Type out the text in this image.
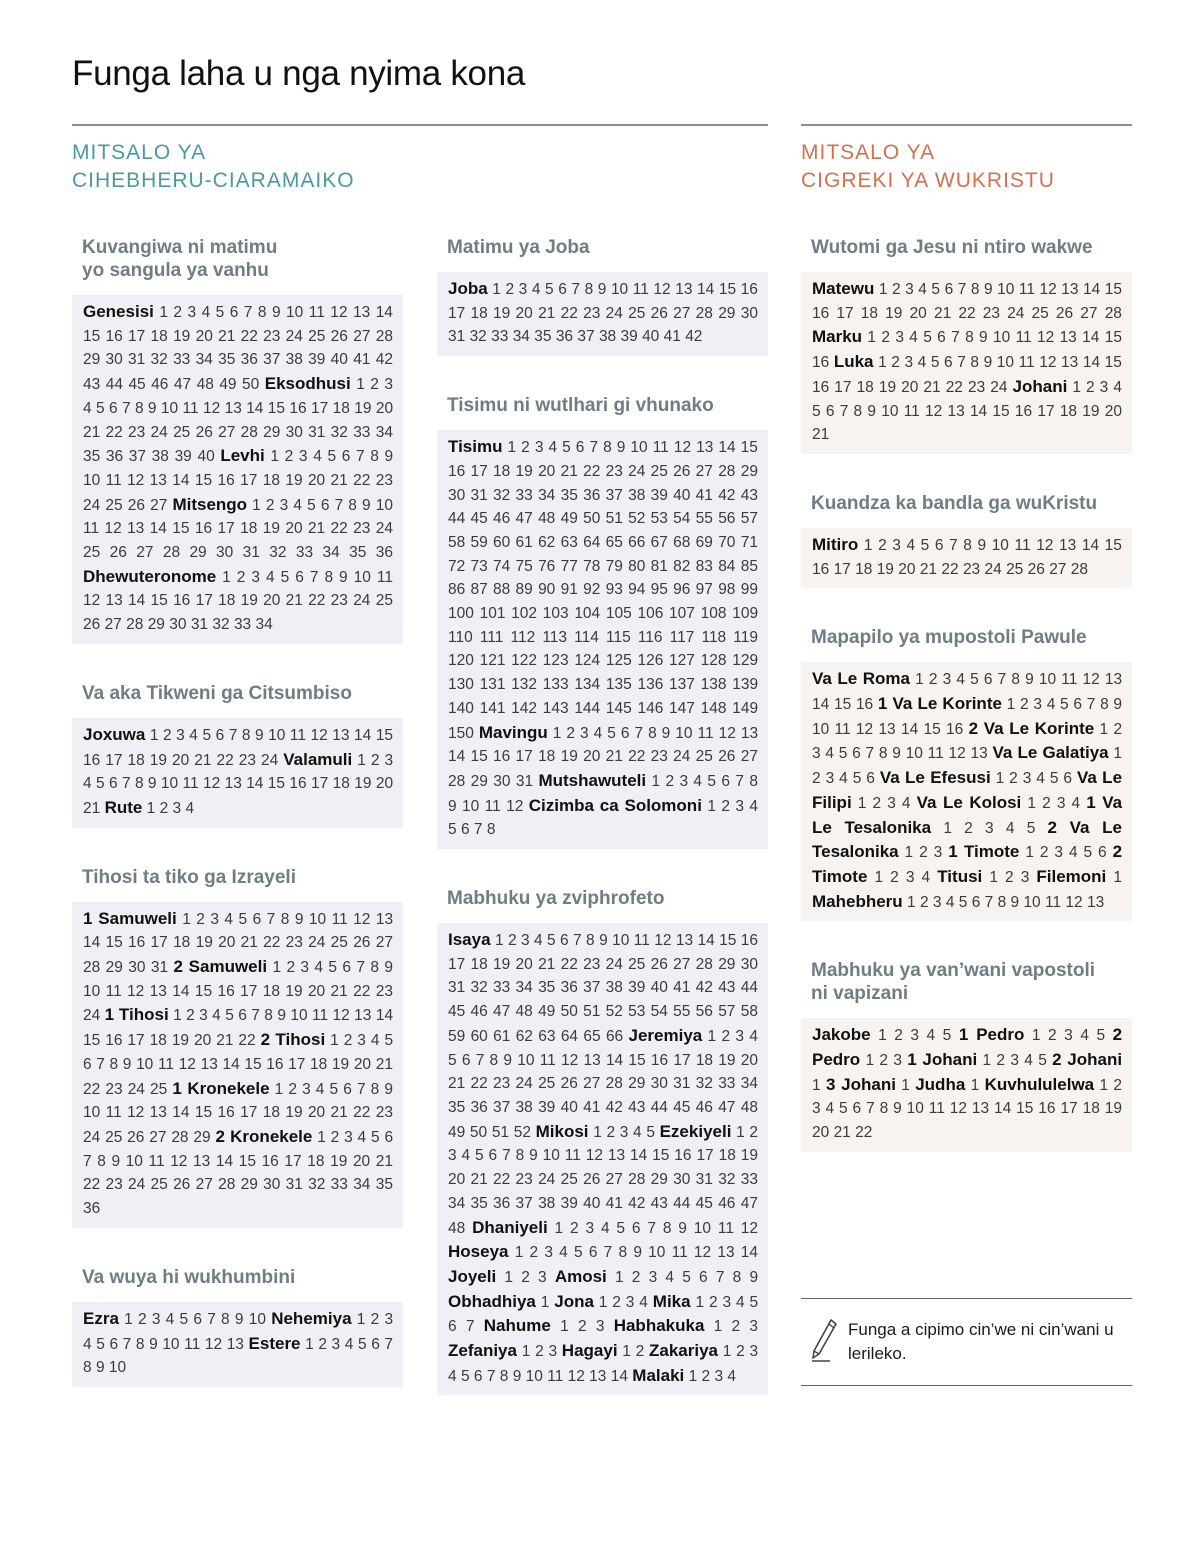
Funga laha u nga nyima kona
MITSALO YA
CIHEBHERU-CIARAMAIKO
MITSALO YA
CIGREKI YA WUKRISTU
Kuvangiwa ni matimu
yo sangula ya vanhu
Genesisi 1 2 3 4 5 6 7 8 9 10 11 12 13 14 15 16 17 18 19 20 21 22 23 24 25 26 27 28 29 30 31 32 33 34 35 36 37 38 39 40 41 42 43 44 45 46 47 48 49 50 Eksodhusi 1 2 3 4 5 6 7 8 9 10 11 12 13 14 15 16 17 18 19 20 21 22 23 24 25 26 27 28 29 30 31 32 33 34 35 36 37 38 39 40 Levhi 1 2 3 4 5 6 7 8 9 10 11 12 13 14 15 16 17 18 19 20 21 22 23 24 25 26 27 Mitsengo 1 2 3 4 5 6 7 8 9 10 11 12 13 14 15 16 17 18 19 20 21 22 23 24 25 26 27 28 29 30 31 32 33 34 35 36 Dhewuteronome 1 2 3 4 5 6 7 8 9 10 11 12 13 14 15 16 17 18 19 20 21 22 23 24 25 26 27 28 29 30 31 32 33 34
Va aka Tikweni ga Citsumbiso
Joxuwa 1 2 3 4 5 6 7 8 9 10 11 12 13 14 15 16 17 18 19 20 21 22 23 24 Valamuli 1 2 3 4 5 6 7 8 9 10 11 12 13 14 15 16 17 18 19 20 21 Rute 1 2 3 4
Tihosi ta tiko ga Izrayeli
1 Samuweli 1 2 3 4 5 6 7 8 9 10 11 12 13 14 15 16 17 18 19 20 21 22 23 24 25 26 27 28 29 30 31 2 Samuweli 1 2 3 4 5 6 7 8 9 10 11 12 13 14 15 16 17 18 19 20 21 22 23 24 1 Tihosi 1 2 3 4 5 6 7 8 9 10 11 12 13 14 15 16 17 18 19 20 21 22 2 Tihosi 1 2 3 4 5 6 7 8 9 10 11 12 13 14 15 16 17 18 19 20 21 22 23 24 25 1 Kronekele 1 2 3 4 5 6 7 8 9 10 11 12 13 14 15 16 17 18 19 20 21 22 23 24 25 26 27 28 29 2 Kronekele 1 2 3 4 5 6 7 8 9 10 11 12 13 14 15 16 17 18 19 20 21 22 23 24 25 26 27 28 29 30 31 32 33 34 35 36
Va wuya hi wukhumbini
Ezra 1 2 3 4 5 6 7 8 9 10 Nehemiya 1 2 3 4 5 6 7 8 9 10 11 12 13 Estere 1 2 3 4 5 6 7 8 9 10
Matimu ya Joba
Joba 1 2 3 4 5 6 7 8 9 10 11 12 13 14 15 16 17 18 19 20 21 22 23 24 25 26 27 28 29 30 31 32 33 34 35 36 37 38 39 40 41 42
Tisimu ni wutlhari gi vhunako
Tisimu 1 2 3 4 5 6 7 8 9 10 11 12 13 14 15 16 17 18 19 20 21 22 23 24 25 26 27 28 29 30 31 32 33 34 35 36 37 38 39 40 41 42 43 44 45 46 47 48 49 50 51 52 53 54 55 56 57 58 59 60 61 62 63 64 65 66 67 68 69 70 71 72 73 74 75 76 77 78 79 80 81 82 83 84 85 86 87 88 89 90 91 92 93 94 95 96 97 98 99 100 101 102 103 104 105 106 107 108 109 110 111 112 113 114 115 116 117 118 119 120 121 122 123 124 125 126 127 128 129 130 131 132 133 134 135 136 137 138 139 140 141 142 143 144 145 146 147 148 149 150 Mavingu 1 2 3 4 5 6 7 8 9 10 11 12 13 14 15 16 17 18 19 20 21 22 23 24 25 26 27 28 29 30 31 Mutshawuteli 1 2 3 4 5 6 7 8 9 10 11 12 Cizimba ca Solomoni 1 2 3 4 5 6 7 8
Mabhuku ya zviphrofeto
Isaya 1 2 3 4 5 6 7 8 9 10 11 12 13 14 15 16 17 18 19 20 21 22 23 24 25 26 27 28 29 30 31 32 33 34 35 36 37 38 39 40 41 42 43 44 45 46 47 48 49 50 51 52 53 54 55 56 57 58 59 60 61 62 63 64 65 66 Jeremiya 1 2 3 4 5 6 7 8 9 10 11 12 13 14 15 16 17 18 19 20 21 22 23 24 25 26 27 28 29 30 31 32 33 34 35 36 37 38 39 40 41 42 43 44 45 46 47 48 49 50 51 52 Mikosi 1 2 3 4 5 Ezekiyeli 1 2 3 4 5 6 7 8 9 10 11 12 13 14 15 16 17 18 19 20 21 22 23 24 25 26 27 28 29 30 31 32 33 34 35 36 37 38 39 40 41 42 43 44 45 46 47 48 Dhaniyeli 1 2 3 4 5 6 7 8 9 10 11 12 Hoseya 1 2 3 4 5 6 7 8 9 10 11 12 13 14 Joyeli 1 2 3 Amosi 1 2 3 4 5 6 7 8 9 Obhadhiya 1 Jona 1 2 3 4 Mika 1 2 3 4 5 6 7 Nahume 1 2 3 Habhakuka 1 2 3 Zefaniya 1 2 3 Hagayi 1 2 Zakariya 1 2 3 4 5 6 7 8 9 10 11 12 13 14 Malaki 1 2 3 4
Wutomi ga Jesu ni ntiro wakwe
Matewu 1 2 3 4 5 6 7 8 9 10 11 12 13 14 15 16 17 18 19 20 21 22 23 24 25 26 27 28 Marku 1 2 3 4 5 6 7 8 9 10 11 12 13 14 15 16 Luka 1 2 3 4 5 6 7 8 9 10 11 12 13 14 15 16 17 18 19 20 21 22 23 24 Johani 1 2 3 4 5 6 7 8 9 10 11 12 13 14 15 16 17 18 19 20 21
Kuandza ka bandla ga wuKristu
Mitiro 1 2 3 4 5 6 7 8 9 10 11 12 13 14 15 16 17 18 19 20 21 22 23 24 25 26 27 28
Mapapilo ya mupostoli Pawule
Va Le Roma 1 2 3 4 5 6 7 8 9 10 11 12 13 14 15 16 1 Va Le Korinte 1 2 3 4 5 6 7 8 9 10 11 12 13 14 15 16 2 Va Le Korinte 1 2 3 4 5 6 7 8 9 10 11 12 13 Va Le Galatiya 1 2 3 4 5 6 Va Le Efesusi 1 2 3 4 5 6 Va Le Filipi 1 2 3 4 Va Le Kolosi 1 2 3 4 1 Va Le Tesalonika 1 2 3 4 5 2 Va Le Tesalonika 1 2 3 1 Timote 1 2 3 4 5 6 2 Timote 1 2 3 4 Titusi 1 2 3 Filemoni 1 Mahebheru 1 2 3 4 5 6 7 8 9 10 11 12 13
Mabhuku ya van’wani vapostoli
ni vapizani
Jakobe 1 2 3 4 5 1 Pedro 1 2 3 4 5 2 Pedro 1 2 3 1 Johani 1 2 3 4 5 2 Johani 1 3 Johani 1 Judha 1 Kuvhululelwa 1 2 3 4 5 6 7 8 9 10 11 12 13 14 15 16 17 18 19 20 21 22
Funga a cipimo cin’we ni cin’wani u lerileko.
